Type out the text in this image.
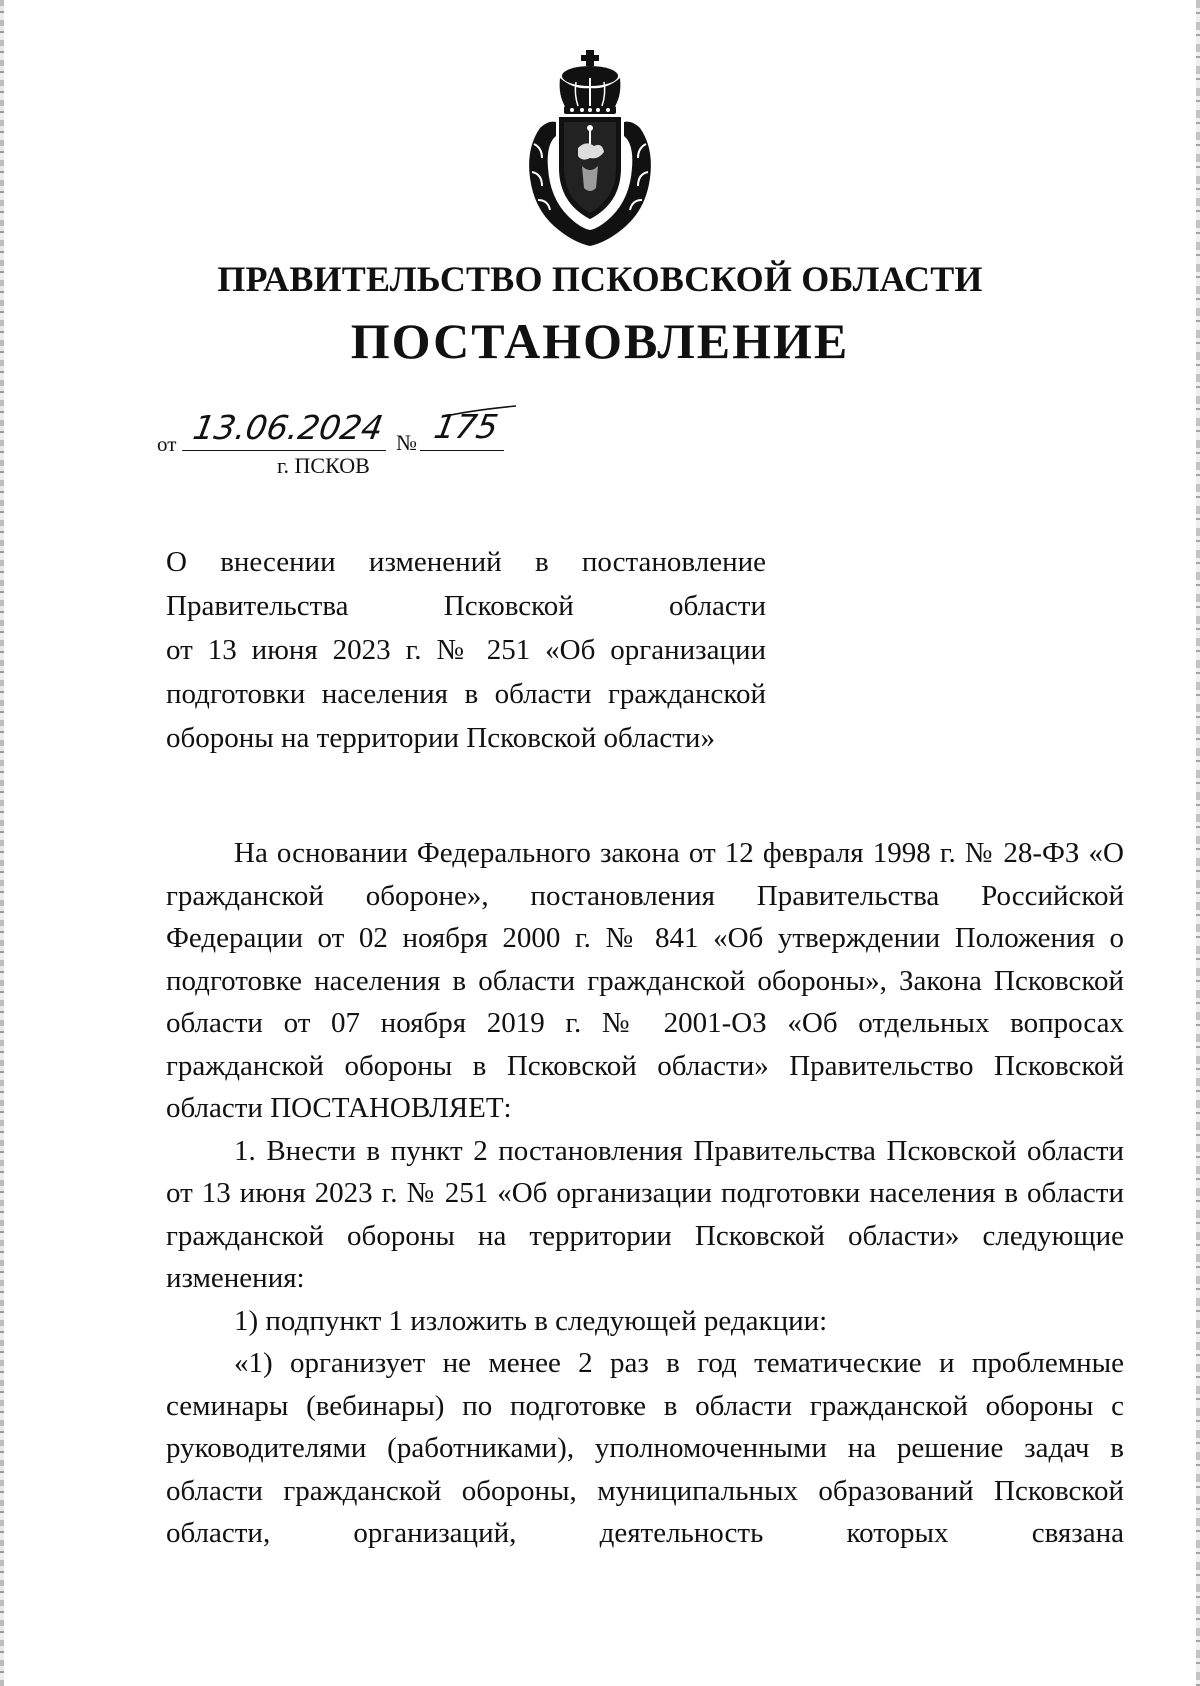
ПРАВИТЕЛЬСТВО ПСКОВСКОЙ ОБЛАСТИ
ПОСТАНОВЛЕНИЕ
от 13.06.2024 № 175
г. ПСКОВ
О внесении изменений в постановление
Правительства Псковской области
от 13 июня 2023 г. № 251 «Об организации
подготовки населения в области гражданской
обороны на территории Псковской области»

На основании Федерального закона от 12 февраля 1998 г. № 28-ФЗ «О гражданской обороне», постановления Правительства Российской Федерации от 02 ноября 2000 г. № 841 «Об утверждении Положения о подготовке населения в области гражданской обороны», Закона Псковской области от 07 ноября 2019 г. № 2001-ОЗ «Об отдельных вопросах гражданской обороны в Псковской области» Правительство Псковской области ПОСТАНОВЛЯЕТ:

1. Внести в пункт 2 постановления Правительства Псковской области от 13 июня 2023 г. № 251 «Об организации подготовки населения в области гражданской обороны на территории Псковской области» следующие изменения:

1) подпункт 1 изложить в следующей редакции:

«1) организует не менее 2 раз в год тематические и проблемные семинары (вебинары) по подготовке в области гражданской обороны с руководителями (работниками), уполномоченными на решение задач в области гражданской обороны, муниципальных образований Псковской области, организаций, деятельность которых связана
